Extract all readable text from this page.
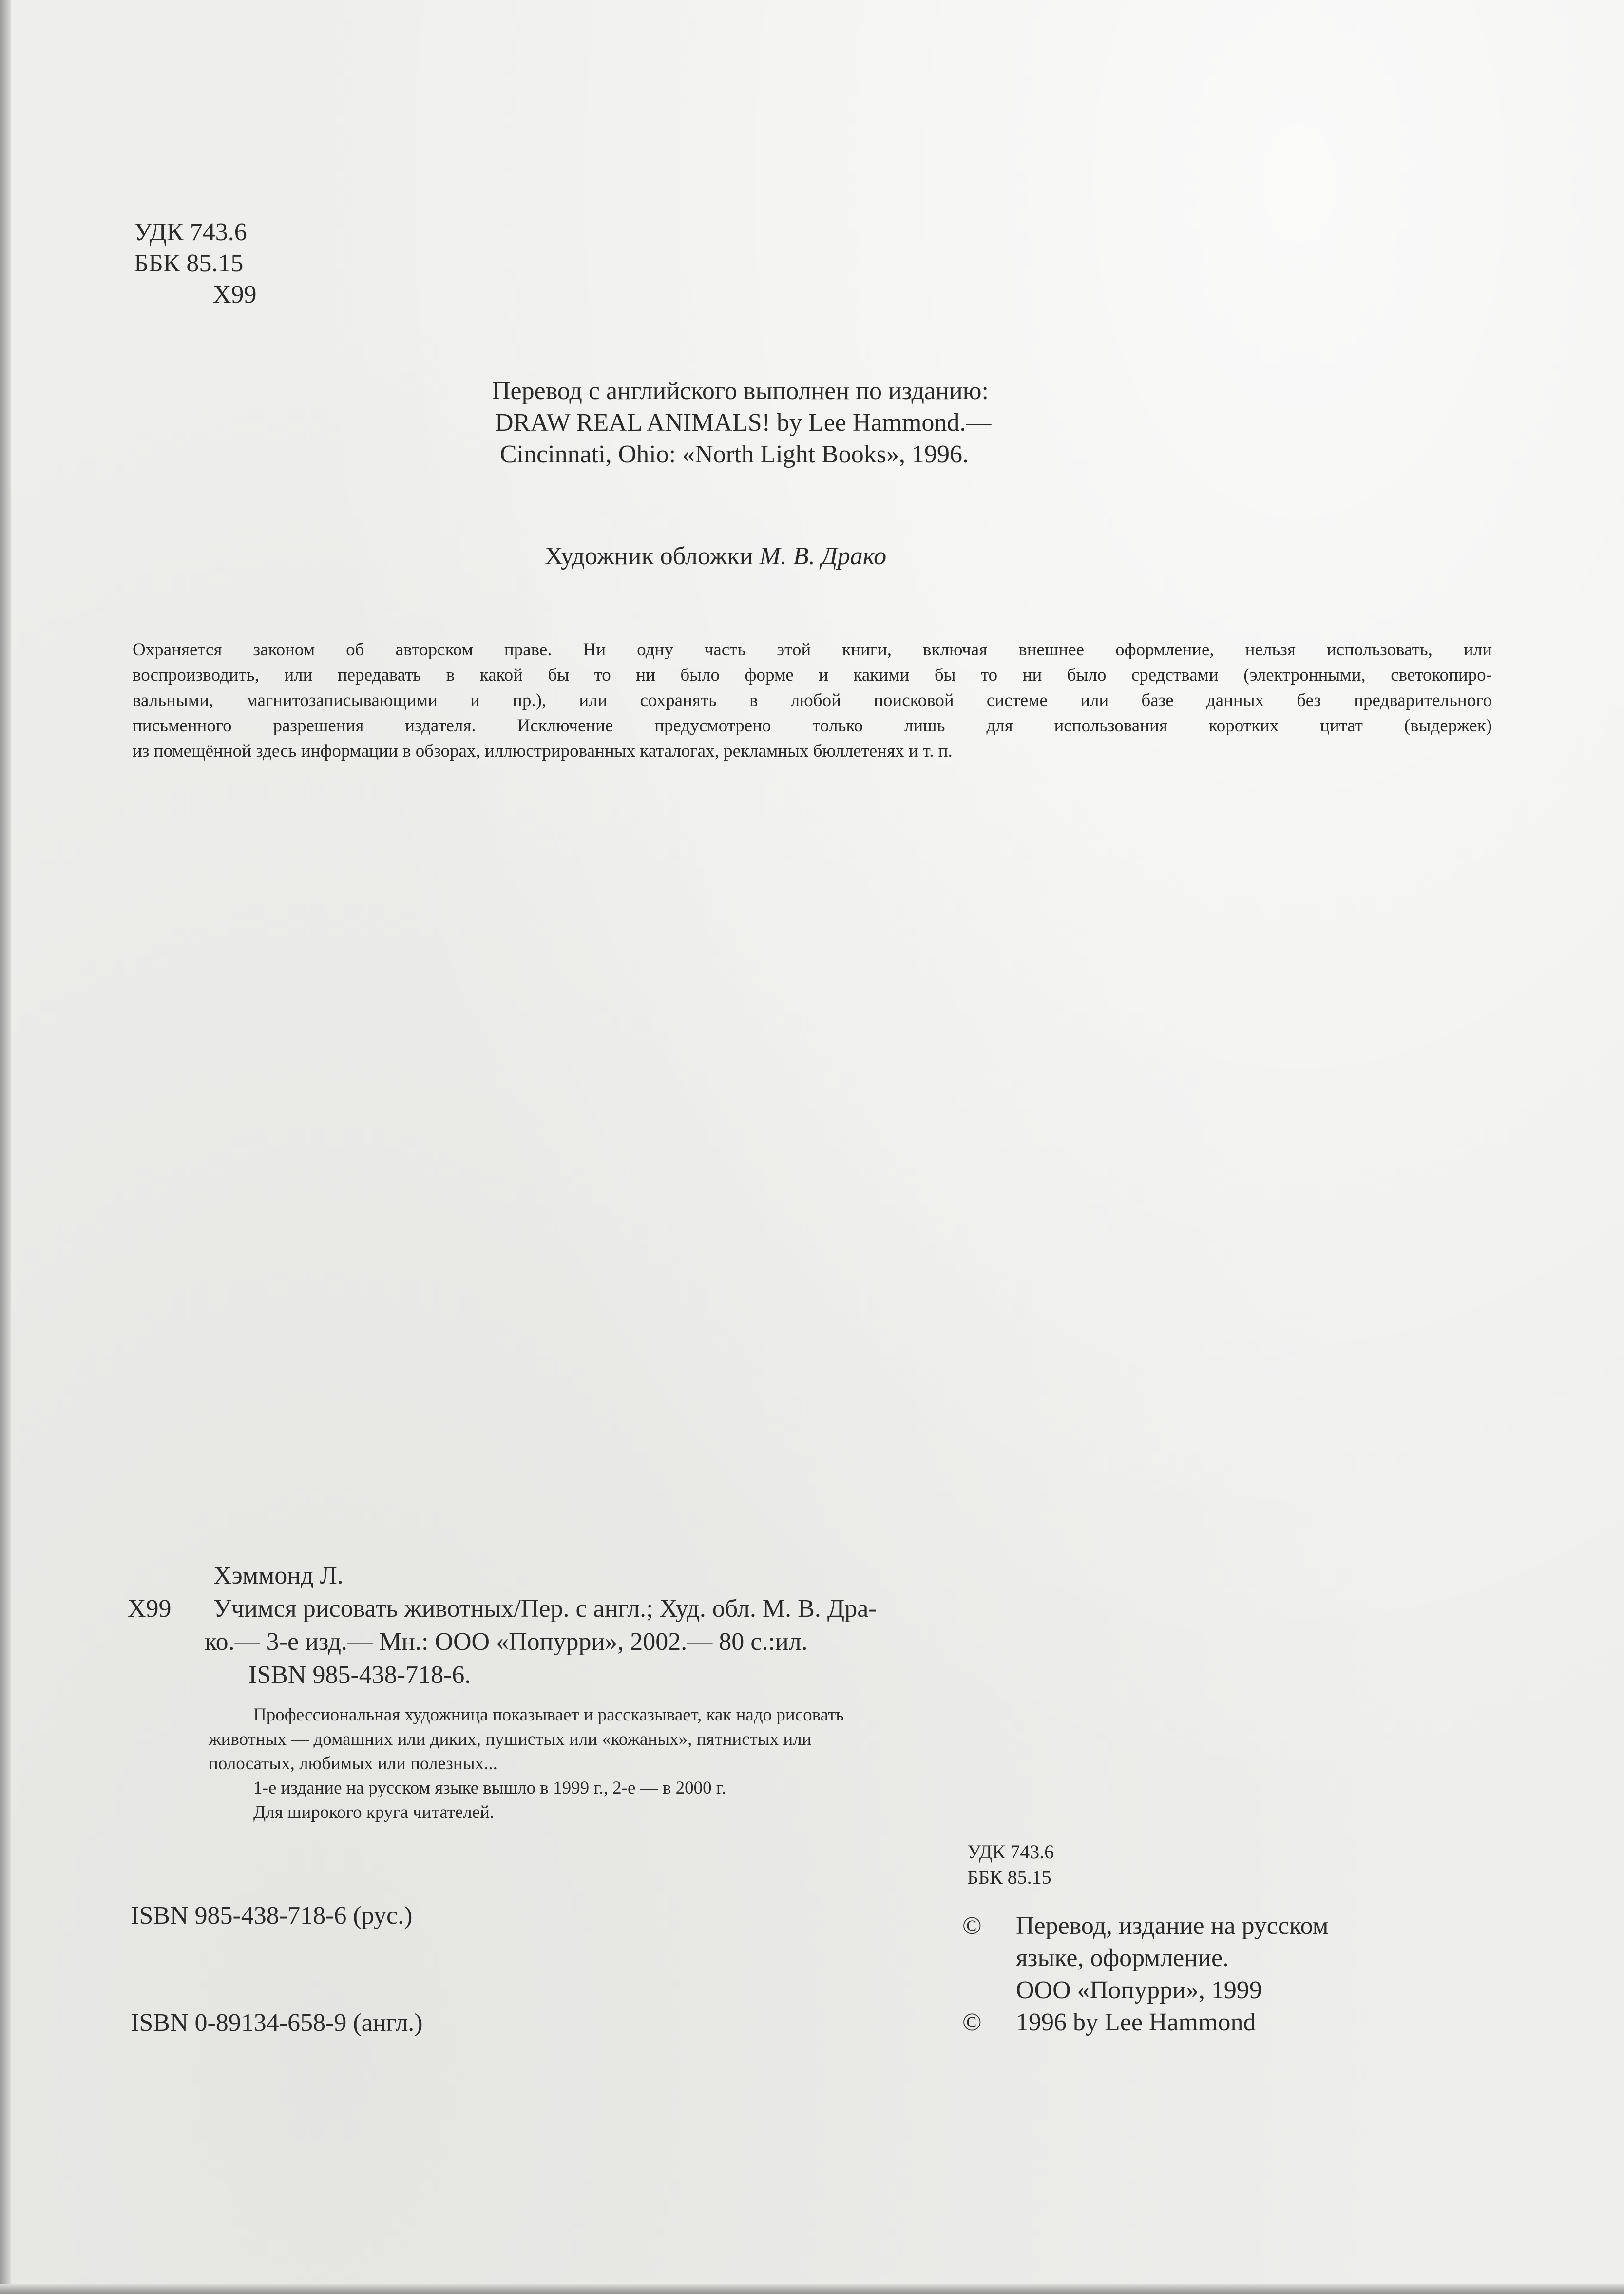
УДК 743.6
ББК 85.15
Х99
Перевод с английского выполнен по изданию:
DRAW REAL ANIMALS! by Lee Hammond.—
Cincinnati, Ohio: «North Light Books», 1996.
Художник обложки М. В. Драко
Охраняется законом об авторском праве. Ни одну часть этой книги, включая внешнее оформление, нельзя использовать, или
воспроизводить, или передавать в какой бы то ни было форме и какими бы то ни было средствами (электронными, светокопиро-
вальными, магнитозаписывающими и пр.), или сохранять в любой поисковой системе или базе данных без предварительного
письменного разрешения издателя. Исключение предусмотрено только лишь для использования коротких цитат (выдержек)
из помещённой здесь информации в обзорах, иллюстрированных каталогах, рекламных бюллетенях и т. п.
Хэммонд Л.
Х99 Учимся рисовать животных/Пер. с англ.; Худ. обл. М. В. Дра-
ко.— 3-е изд.— Мн.: ООО «Попурри», 2002.— 80 с.:ил.
ISBN 985-438-718-6.
Профессиональная художница показывает и рассказывает, как надо рисовать
животных — домашних или диких, пушистых или «кожаных», пятнистых или
полосатых, любимых или полезных...
1-е издание на русском языке вышло в 1999 г., 2-е — в 2000 г.
Для широкого круга читателей.
УДК 743.6
ББК 85.15
ISBN 985-438-718-6 (рус.)
ISBN 0-89134-658-9 (англ.)
© Перевод, издание на русском
языке, оформление.
ООО «Попурри», 1999
© 1996 by Lee Hammond
